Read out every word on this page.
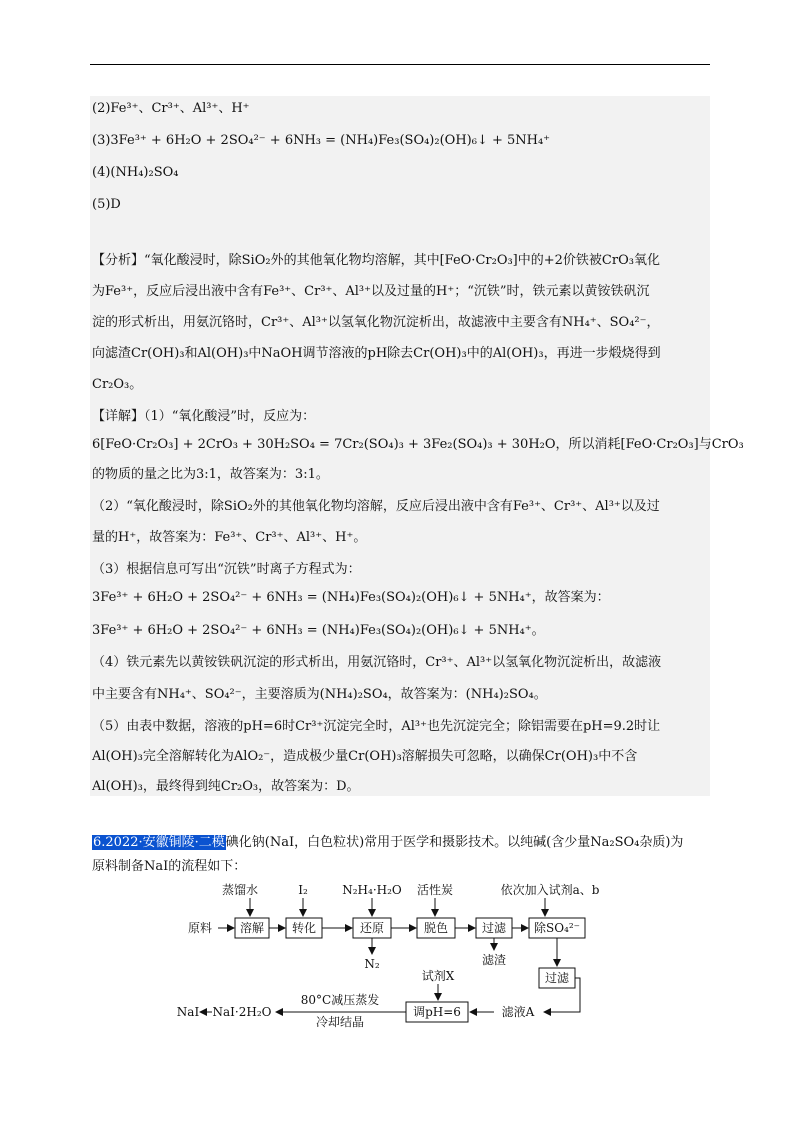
(2)Fe³⁺、Cr³⁺、Al³⁺、H⁺
(3)3Fe³⁺ + 6H₂O + 2SO₄²⁻ + 6NH₃ = (NH₄)Fe₃(SO₄)₂(OH)₆↓ + 5NH₄⁺
(4)(NH₄)₂SO₄
(5)D
【分析】“氧化酸浸时，除SiO₂外的其他氧化物均溶解，其中[FeO·Cr₂O₃]中的+2价铁被CrO₃氧化
为Fe³⁺，反应后浸出液中含有Fe³⁺、Cr³⁺、Al³⁺以及过量的H⁺；“沉铁”时，铁元素以黄铵铁矾沉
淀的形式析出，用氨沉铬时，Cr³⁺、Al³⁺以氢氧化物沉淀析出，故滤液中主要含有NH₄⁺、SO₄²⁻，
向滤渣Cr(OH)₃和Al(OH)₃中NaOH调节溶液的pH除去Cr(OH)₃中的Al(OH)₃，再进一步煅烧得到
Cr₂O₃。
【详解】（1）“氧化酸浸”时，反应为：
6[FeO·Cr₂O₃] + 2CrO₃ + 30H₂SO₄ = 7Cr₂(SO₄)₃ + 3Fe₂(SO₄)₃ + 30H₂O，所以消耗[FeO·Cr₂O₃]与CrO₃
的物质的量之比为3:1，故答案为：3:1。
（2）“氧化酸浸时，除SiO₂外的其他氧化物均溶解，反应后浸出液中含有Fe³⁺、Cr³⁺、Al³⁺以及过
量的H⁺，故答案为：Fe³⁺、Cr³⁺、Al³⁺、H⁺。
（3）根据信息可写出“沉铁”时离子方程式为：
3Fe³⁺ + 6H₂O + 2SO₄²⁻ + 6NH₃ = (NH₄)Fe₃(SO₄)₂(OH)₆↓ + 5NH₄⁺，故答案为：
3Fe³⁺ + 6H₂O + 2SO₄²⁻ + 6NH₃ = (NH₄)Fe₃(SO₄)₂(OH)₆↓ + 5NH₄⁺。
（4）铁元素先以黄铵铁矾沉淀的形式析出，用氨沉铬时，Cr³⁺、Al³⁺以氢氧化物沉淀析出，故滤液
中主要含有NH₄⁺、SO₄²⁻，主要溶质为(NH₄)₂SO₄，故答案为：(NH₄)₂SO₄。
（5）由表中数据，溶液的pH=6时Cr³⁺沉淀完全时，Al³⁺也先沉淀完全；除铝需要在pH=9.2时让
Al(OH)₃完全溶解转化为AlO₂⁻，造成极少量Cr(OH)₃溶解损失可忽略，以确保Cr(OH)₃中不含
Al(OH)₃，最终得到纯Cr₂O₃，故答案为：D。
6.2022·安徽铜陵·二模碘化钠(NaI，白色粒状)常用于医学和摄影技术。以纯碱(含少量Na₂SO₄杂质)为
原料制备NaI的流程如下：
蒸馏水	I₂	N₂H₄·H₂O 活性炭	依次加入试剂a、b
原料 溶解 转化	还原	脱色	过滤 除SO₄²⁻
N₂	滤渣
过滤
滤液A
试剂X
调pH=6
80°C减压蒸发
冷却结晶
NaI·2H₂O
NaI
